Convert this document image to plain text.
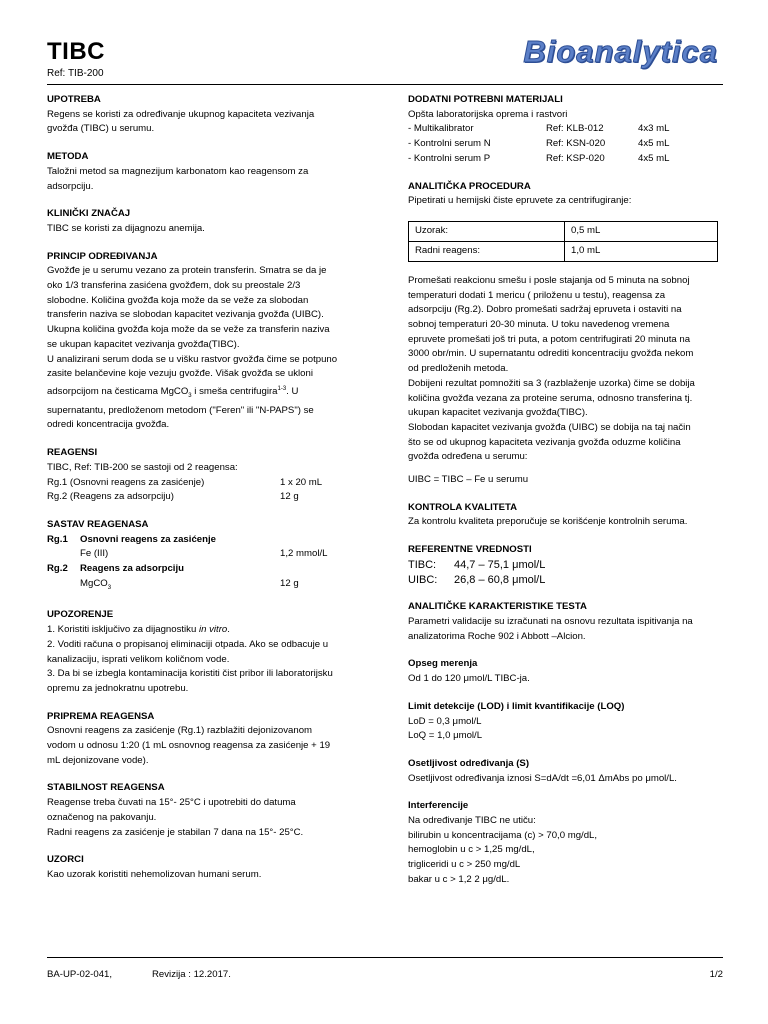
TIBC
Ref: TIB-200
Bioanalytica
UPOTREBA
Regens se koristi za određivanje ukupnog kapaciteta vezivanja
gvožđa (TIBC) u serumu.
METODA
Taložni metod sa magnezijum karbonatom kao reagensom za
adsorpciju.
KLINIČKI ZNAČAJ
TIBC se koristi za dijagnozu anemija.
PRINCIP ODREĐIVANJA
Gvožđe je u serumu vezano za protein transferin. Smatra se da je
oko 1/3 transferina zasićena gvožđem, dok su preostale 2/3
slobodne. Količina gvožđa koja može da se veže za slobodan
transferin naziva se slobodan kapacitet vezivanja gvožđa (UIBC).
Ukupna količina gvožđa koja može da se veže za transferin naziva
se ukupan kapacitet vezivanja gvožđa(TIBC).
U analizirani serum doda se u višku rastvor gvožđa čime se potpuno
zasite belančevine koje vezuju gvožđe. Višak gvožđa se ukloni
adsorpcijom na česticama MgCO$_3$ i smeša centrifugira$^{1-3}$. U
supernatantu, predloženom metodom ("Feren" ili "N-PAPS") se
odredi koncentracija gvožđa.
REAGENSI
TIBC, Ref: TIB-200 se sastoji od 2 reagensa:
Rg.1 (Osnovni reagens za zasićenje)	1 x 20 mL
Rg.2 (Reagens za adsorpciju)	12 g
SASTAV REAGENASA
Rg.1	Osnovni reagens za zasićenje
Fe (III)	1,2 mmol/L
Rg.2	Reagens za adsorpciju
MgCO$_3$	12 g
UPOZORENJE
1. Koristiti isključivo za dijagnostiku in vitro.
2. Voditi računa o propisanoj eliminaciji otpada. Ako se odbacuje u
kanalizaciju, isprati velikom količnom vode.
3. Da bi se izbegla kontaminacija koristiti čist pribor ili laboratorijsku
opremu za jednokratnu upotrebu.
PRIPREMA REAGENSA
Osnovni reagens za zasićenje (Rg.1) razblažiti dejonizovanom
vodom u odnosu 1:20 (1 mL osnovnog reagensa za zasićenje + 19
mL dejonizovane vode).
STABILNOST REAGENSA
Reagense treba čuvati na 15°- 25°C i upotrebiti do datuma
označenog na pakovanju.
Radni reagens za zasićenje je stabilan 7 dana na 15°- 25°C.
UZORCI
Kao uzorak koristiti nehemolizovan humani serum.
DODATNI POTREBNI MATERIJALI
Opšta laboratorijska oprema i rastvori
- Multikalibrator	Ref: KLB-012	4x3 mL
- Kontrolni serum N	Ref: KSN-020	4x5 mL
- Kontrolni serum P	Ref: KSP-020	4x5 mL
ANALITIČKA PROCEDURA
Pipetirati u hemijski čiste epruvete za centrifugiranje:
Uzorak:	0,5 mL
Radni reagens:	1,0 mL
Promešati reakcionu smešu i posle stajanja od 5 minuta na sobnoj
temperaturi dodati 1 mericu ( priloženu u testu), reagensa za
adsorpciju (Rg.2). Dobro promešati sadržaj epruveta i ostaviti na
sobnoj temperaturi 20-30 minuta. U toku navedenog vremena
epruvete promešati još tri puta, a potom centrifugirati 20 minuta na
3000 obr/min. U supernatantu odrediti koncentraciju gvožđa nekom
od predloženih metoda.
Dobijeni rezultat pomnožiti sa 3 (razblaženje uzorka) čime se dobija
količina gvožđa vezana za proteine seruma, odnosno transferina tj.
ukupan kapacitet vezivanja gvožđa(TIBC).
Slobodan kapacitet vezivanja gvožđa (UIBC) se dobija na taj način
što se od ukupnog kapaciteta vezivanja gvožđa oduzme količina
gvožđa određena u serumu:
UIBC = TIBC – Fe u serumu
KONTROLA KVALITETA
Za kontrolu kvaliteta preporučuje se korišćenje kontrolnih seruma.
REFERENTNE VREDNOSTI
TIBC:	44,7 – 75,1 μmol/L
UIBC:	26,8 – 60,8 μmol/L
ANALITIČKE KARAKTERISTIKE TESTA
Parametri validacije su izračunati na osnovu rezultata ispitivanja na
analizatorima Roche 902 i Abbott –Alcion.
Opseg merenja
Od 1 do 120 μmol/L TIBC-ja.
Limit detekcije (LOD) i limit kvantifikacije (LOQ)
LoD = 0,3 μmol/L
LoQ = 1,0 μmol/L
Osetljivost određivanja (S)
Osetljivost određivanja iznosi S=dA/dt =6,01 ΔmAbs po μmol/L.
Interferencije
Na određivanje TIBC ne utiču:
bilirubin u koncentracijama (c) > 70,0 mg/dL,
hemoglobin u c > 1,25 mg/dL,
trigliceridi u c > 250 mg/dL
bakar u c > 1,2 2 μg/dL.
BA-UP-02-041,	Revizija : 12.2017.	1/2
